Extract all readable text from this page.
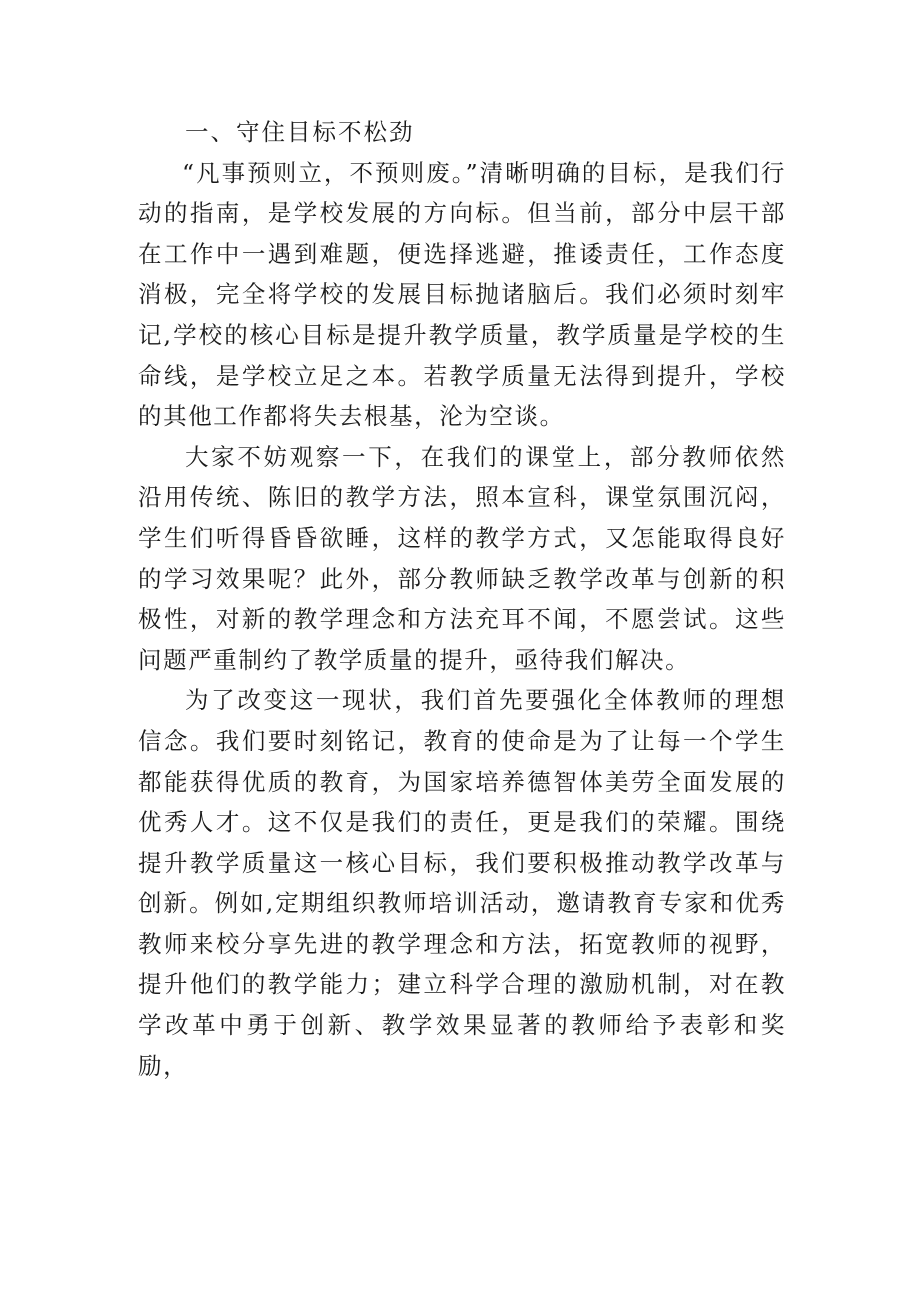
一、守住目标不松劲

“凡事预则立，不预则废。”清晰明确的目标，是我们行动的指南，是学校发展的方向标。但当前，部分中层干部在工作中一遇到难题，便选择逃避，推诿责任，工作态度消极，完全将学校的发展目标抛诸脑后。我们必须时刻牢记,学校的核心目标是提升教学质量，教学质量是学校的生命线，是学校立足之本。若教学质量无法得到提升，学校的其他工作都将失去根基，沦为空谈。

大家不妨观察一下，在我们的课堂上，部分教师依然沿用传统、陈旧的教学方法，照本宣科，课堂氛围沉闷，学生们听得昏昏欲睡，这样的教学方式，又怎能取得良好的学习效果呢？此外，部分教师缺乏教学改革与创新的积极性，对新的教学理念和方法充耳不闻，不愿尝试。这些问题严重制约了教学质量的提升，亟待我们解决。

为了改变这一现状，我们首先要强化全体教师的理想信念。我们要时刻铭记，教育的使命是为了让每一个学生都能获得优质的教育，为国家培养德智体美劳全面发展的优秀人才。这不仅是我们的责任，更是我们的荣耀。围绕提升教学质量这一核心目标，我们要积极推动教学改革与创新。例如,定期组织教师培训活动，邀请教育专家和优秀教师来校分享先进的教学理念和方法，拓宽教师的视野，提升他们的教学能力；建立科学合理的激励机制，对在教学改革中勇于创新、教学效果显著的教师给予表彰和奖励，
